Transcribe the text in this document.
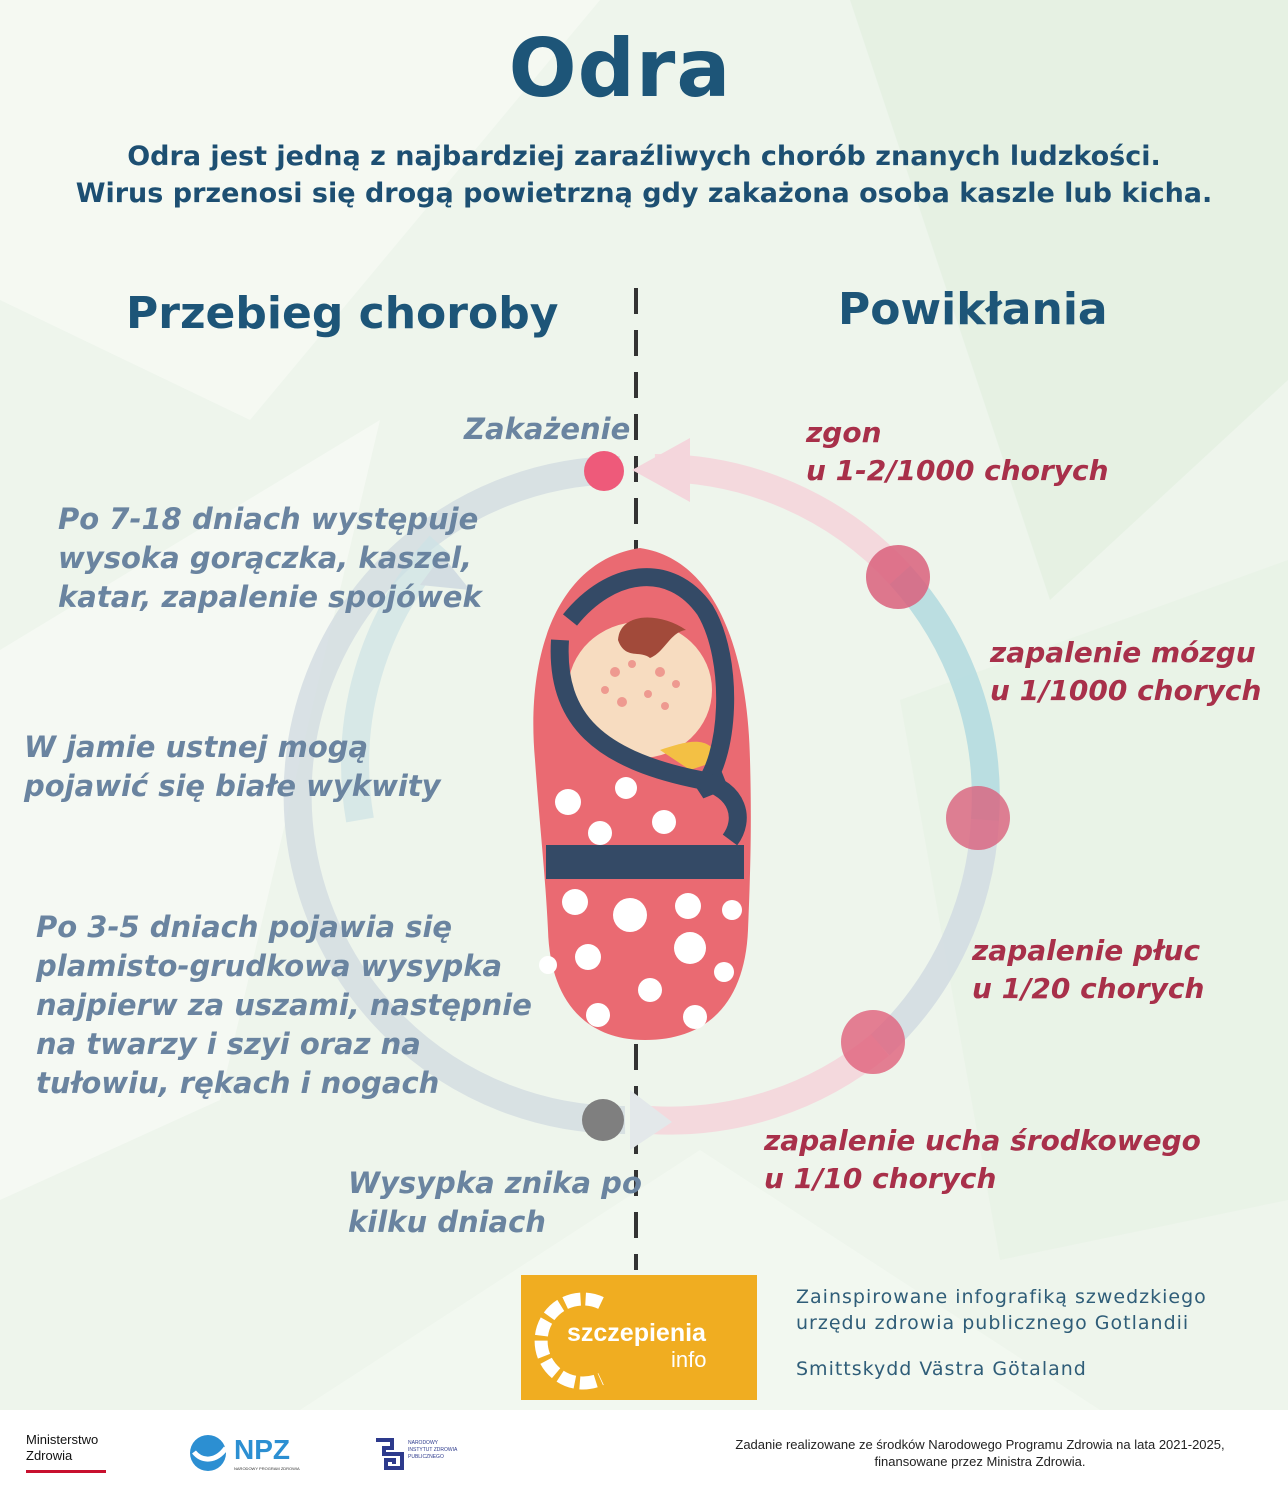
Odra
Odra jest jedną z najbardziej zaraźliwych chorób znanych ludzkości.
Wirus przenosi się drogą powietrzną gdy zakażona osoba kaszle lub kicha.
Przebieg choroby	Powikłania
Zakażenie
Po 7-18 dniach występuje
wysoka gorączka, kaszel,
katar, zapalenie spojówek
W jamie ustnej mogą
pojawić się białe wykwity
Po 3-5 dniach pojawia się
plamisto-grudkowa wysypka
najpierw za uszami, następnie
na twarzy i szyi oraz na
tułowiu, rękach i nogach
Wysypka znika po
kilku dniach
zgon
u 1-2/1000 chorych
zapalenie mózgu
u 1/1000 chorych
zapalenie płuc
u 1/20 chorych
zapalenie ucha środkowego
u 1/10 chorych
szczepienia
info
Zainspirowane infografiką szwedzkiego
urzędu zdrowia publicznego Gotlandii
Smittskydd Västra Götaland
Ministerstwo
Zdrowia	NPZ
NARODOWY PROGRAM ZDROWIA
NARODOWY INSTYTUT ZDROWIA PUBLICZNEGO
Zadanie realizowane ze środków Narodowego Programu Zdrowia na lata 2021-2025,
finansowane przez Ministra Zdrowia.
